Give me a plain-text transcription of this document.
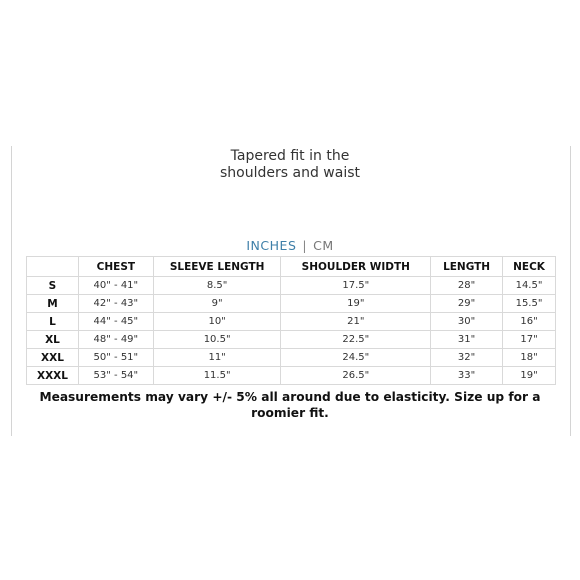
Tapered fit in the
shoulders and waist
INCHES | CM
	CHEST	SLEEVE LENGTH	SHOULDER WIDTH	LENGTH	NECK
S	40" - 41"	8.5"	17.5"	28"	14.5"
M	42" - 43"	9"	19"	29"	15.5"
L	44" - 45"	10"	21"	30"	16"
XL	48" - 49"	10.5"	22.5"	31"	17"
XXL	50" - 51"	11"	24.5"	32"	18"
XXXL	53" - 54"	11.5"	26.5"	33"	19"
Measurements may vary +/- 5% all around due to elasticity. Size up for a roomier fit.
